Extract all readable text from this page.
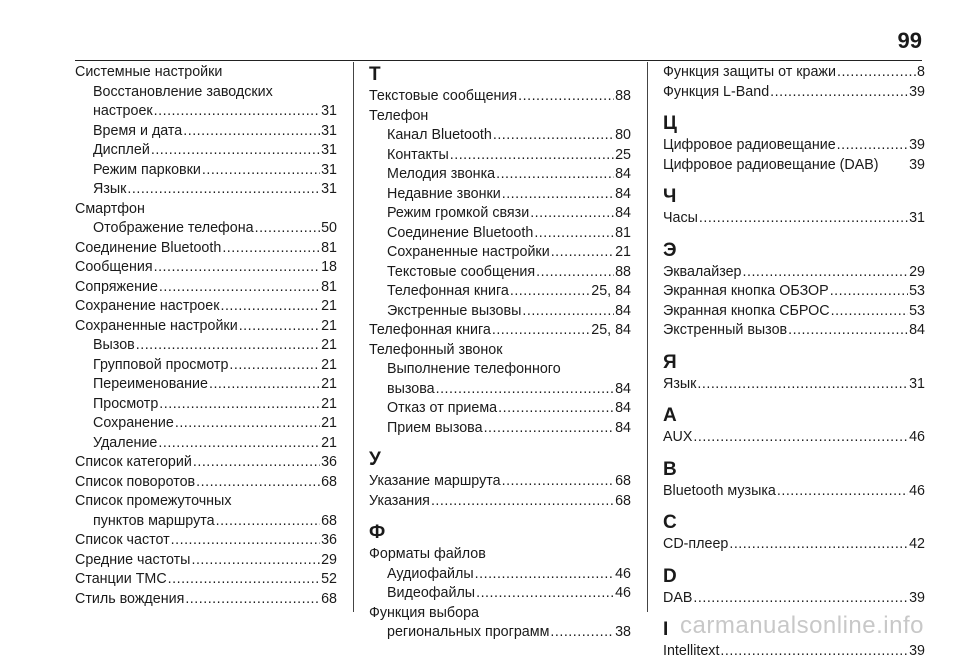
99
Системные настройки
Восстановление заводских
настроек .....	31
Время и дата .....	31
Дисплей .....	31
Режим парковки .....	31
Язык .....	31
Смартфон
Отображение телефона .....	50
Соединение Bluetooth .....	81
Сообщения .....	18
Сопряжение .....	81
Сохранение настроек .....	21
Сохраненные настройки .....	21
Вызов .....	21
Групповой просмотр .....	21
Переименование .....	21
Просмотр .....	21
Сохранение .....	21
Удаление .....	21
Список категорий .....	36
Список поворотов .....	68
Список промежуточных
пунктов маршрута .....	68
Список частот .....	36
Средние частоты .....	29
Станции TMC .....	52
Стиль вождения .....	68
Т
Текстовые сообщения .....	88
Телефон
Канал Bluetooth .....	80
Контакты .....	25
Мелодия звонка .....	84
Недавние звонки .....	84
Режим громкой связи .....	84
Соединение Bluetooth .....	81
Сохраненные настройки .....	21
Текстовые сообщения .....	88
Телефонная книга .....	25, 84
Экстренные вызовы .....	84
Телефонная книга .....	25, 84
Телефонный звонок
Выполнение телефонного
вызова .....	84
Отказ от приема .....	84
Прием вызова .....	84
У
Указание маршрута .....	68
Указания .....	68
Ф
Форматы файлов
Аудиофайлы .....	46
Видеофайлы .....	46
Функция выбора
региональных программ .....	38
Функция защиты от кражи .....	8
Функция L-Band .....	39
Ц
Цифровое радиовещание .....	39
Цифровое радиовещание (DAB) 39
Ч
Часы .....	31
Э
Эквалайзер .....	29
Экранная кнопка ОБЗОР .....	53
Экранная кнопка СБРОС .....	53
Экстренный вызов .....	84
Я
Язык .....	31
A
AUX .....	46
B
Bluetooth музыка .....	46
C
CD-плеер .....	42
D
DAB .....	39
I
Intellitext .....	39
carmanualsonline.info
